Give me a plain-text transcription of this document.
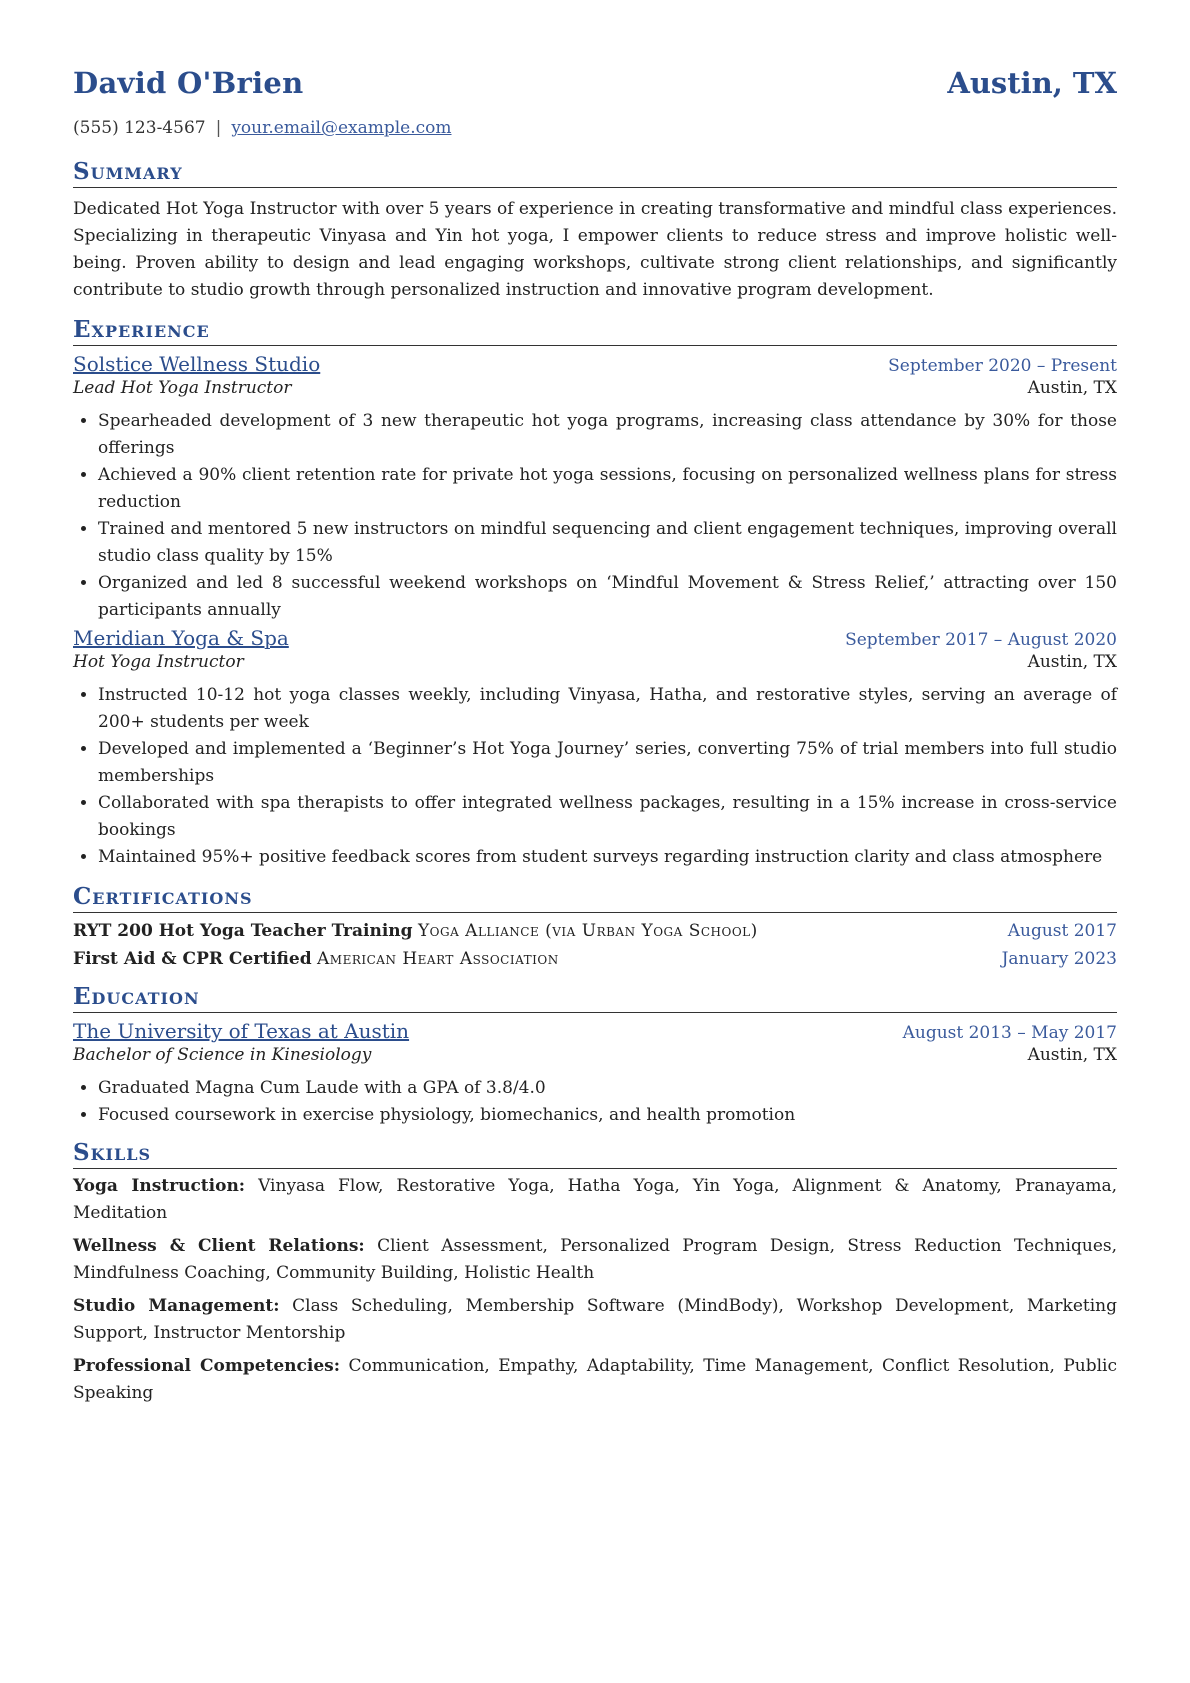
David O'Brien	Austin, TX
(555) 123-4567 | your.email@example.com
Summary
Dedicated Hot Yoga Instructor with over 5 years of experience in creating transformative and mindful class experiences. Specializing in therapeutic Vinyasa and Yin hot yoga, I empower clients to reduce stress and improve holistic well-being. Proven ability to design and lead engaging workshops, cultivate strong client relationships, and significantly contribute to studio growth through personalized instruction and innovative program development.
Experience
Solstice Wellness Studio	September 2020 – Present
Lead Hot Yoga Instructor	Austin, TX
• Spearheaded development of 3 new therapeutic hot yoga programs, increasing class attendance by 30% for those offerings
• Achieved a 90% client retention rate for private hot yoga sessions, focusing on personalized wellness plans for stress reduction
• Trained and mentored 5 new instructors on mindful sequencing and client engagement techniques, improving overall studio class quality by 15%
• Organized and led 8 successful weekend workshops on ‘Mindful Movement & Stress Relief,’ attracting over 150 participants annually
Meridian Yoga & Spa	September 2017 – August 2020
Hot Yoga Instructor	Austin, TX
• Instructed 10-12 hot yoga classes weekly, including Vinyasa, Hatha, and restorative styles, serving an average of 200+ students per week
• Developed and implemented a ‘Beginner’s Hot Yoga Journey’ series, converting 75% of trial members into full studio memberships
• Collaborated with spa therapists to offer integrated wellness packages, resulting in a 15% increase in cross-service bookings
• Maintained 95%+ positive feedback scores from student surveys regarding instruction clarity and class atmosphere
Certifications
RYT 200 Hot Yoga Teacher Training Yoga Alliance (via Urban Yoga School)	August 2017
First Aid & CPR Certified American Heart Association	January 2023
Education
The University of Texas at Austin	August 2013 – May 2017
Bachelor of Science in Kinesiology	Austin, TX
• Graduated Magna Cum Laude with a GPA of 3.8/4.0
• Focused coursework in exercise physiology, biomechanics, and health promotion
Skills
Yoga Instruction: Vinyasa Flow, Restorative Yoga, Hatha Yoga, Yin Yoga, Alignment & Anatomy, Pranayama, Meditation
Wellness & Client Relations: Client Assessment, Personalized Program Design, Stress Reduction Techniques, Mindfulness Coaching, Community Building, Holistic Health
Studio Management: Class Scheduling, Membership Software (MindBody), Workshop Development, Marketing Support, Instructor Mentorship
Professional Competencies: Communication, Empathy, Adaptability, Time Management, Conflict Resolution, Public Speaking
